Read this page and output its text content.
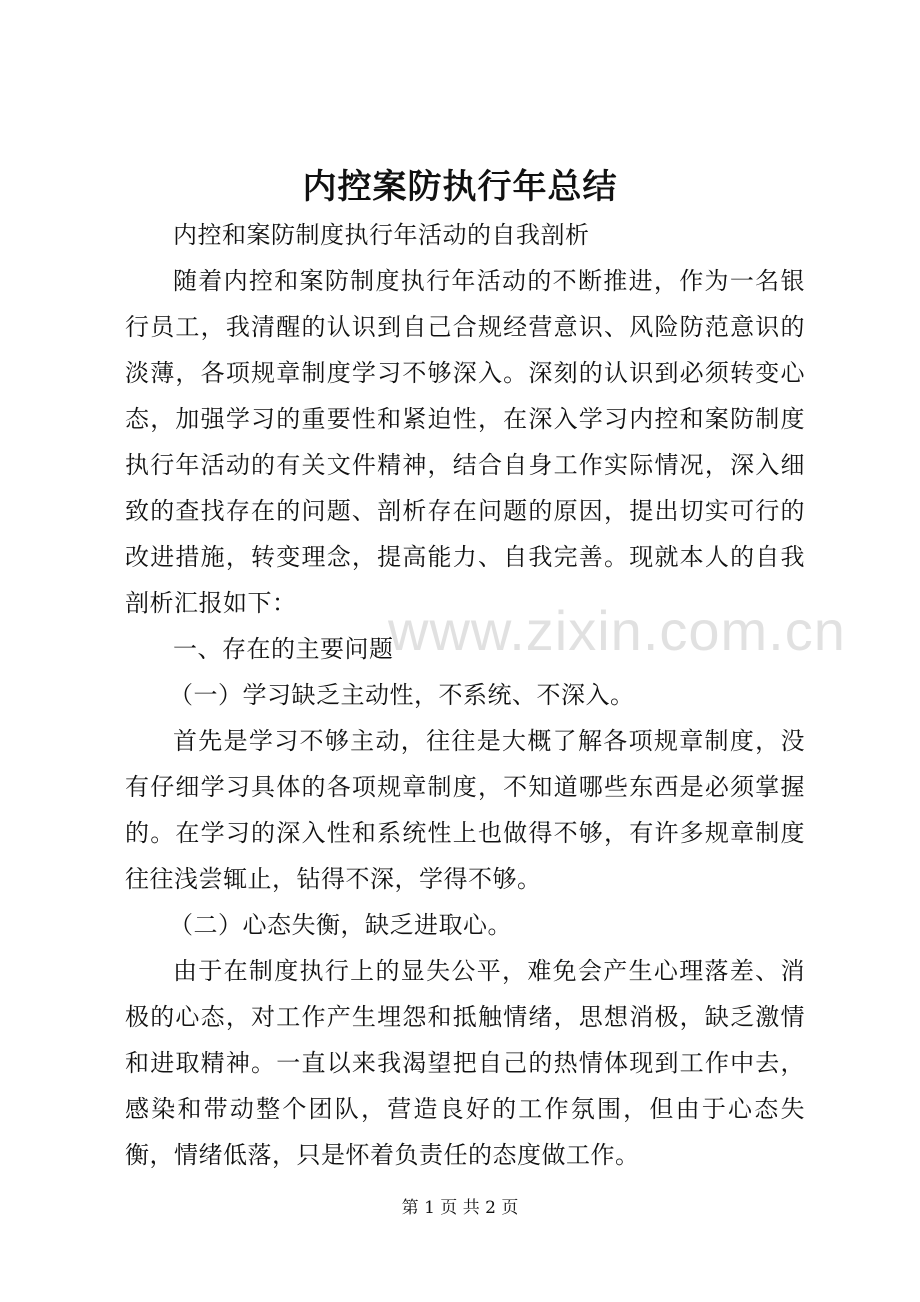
内控案防执行年总结

内控和案防制度执行年活动的自我剖析

随着内控和案防制度执行年活动的不断推进，作为一名银行员工，我清醒的认识到自己合规经营意识、风险防范意识的淡薄，各项规章制度学习不够深入。深刻的认识到必须转变心态，加强学习的重要性和紧迫性，在深入学习内控和案防制度执行年活动的有关文件精神，结合自身工作实际情况，深入细致的查找存在的问题、剖析存在问题的原因，提出切实可行的改进措施，转变理念，提高能力、自我完善。现就本人的自我剖析汇报如下：

一、存在的主要问题

（一）学习缺乏主动性，不系统、不深入。

首先是学习不够主动，往往是大概了解各项规章制度，没有仔细学习具体的各项规章制度，不知道哪些东西是必须掌握的。在学习的深入性和系统性上也做得不够，有许多规章制度往往浅尝辄止，钻得不深，学得不够。

（二）心态失衡，缺乏进取心。

由于在制度执行上的显失公平，难免会产生心理落差、消极的心态，对工作产生埋怨和抵触情绪，思想消极，缺乏激情和进取精神。一直以来我渴望把自己的热情体现到工作中去，感染和带动整个团队，营造良好的工作氛围，但由于心态失衡，情绪低落，只是怀着负责任的态度做工作。

www.zixin.com.cn
第 1 页 共 2 页
